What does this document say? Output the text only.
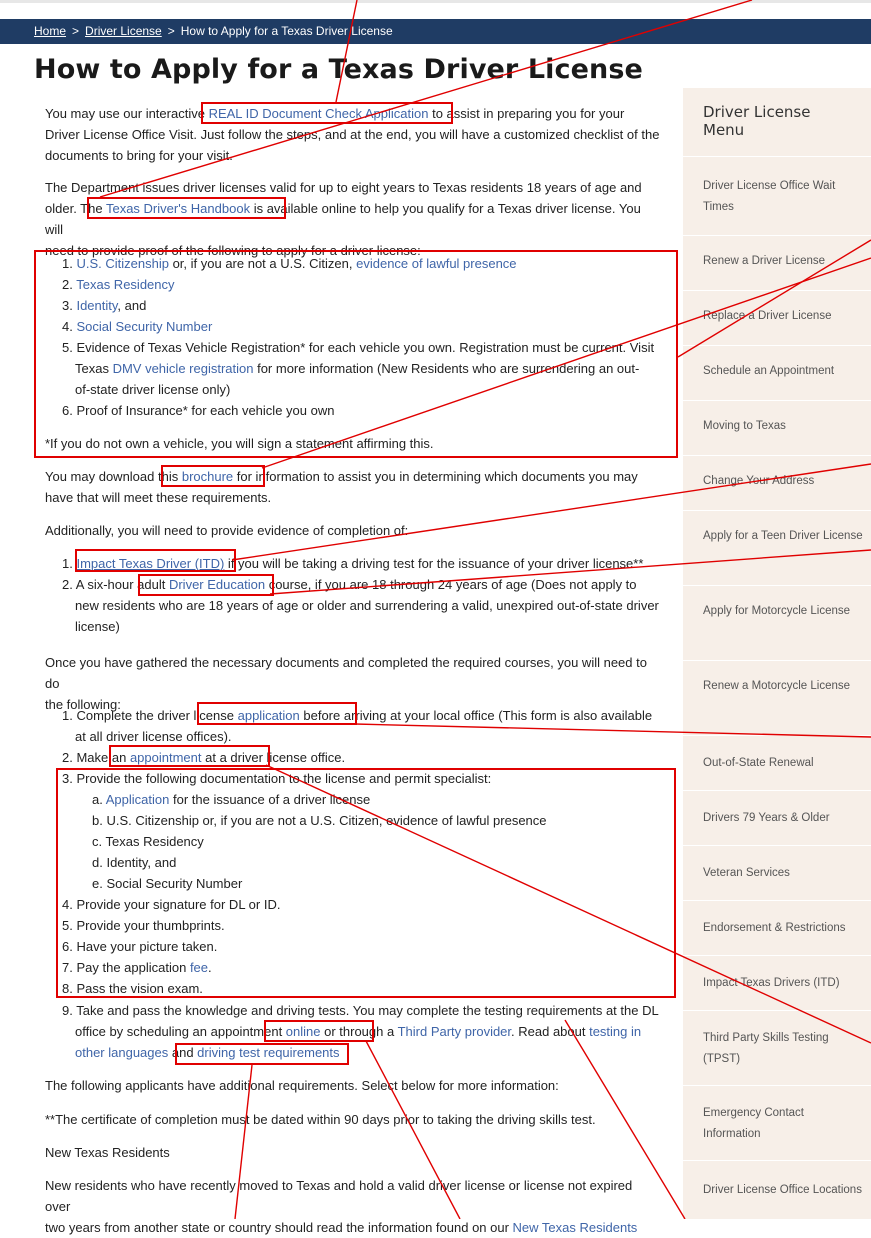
Home > Driver License > How to Apply for a Texas Driver License
How to Apply for a Texas Driver License
You may use our interactive REAL ID Document Check Application to assist in preparing you for your
Driver License Office Visit. Just follow the steps, and at the end, you will have a customized checklist of the
documents to bring for your visit.
The Department issues driver licenses valid for up to eight years to Texas residents 18 years of age and
older. The Texas Driver's Handbook is available online to help you qualify for a Texas driver license. You will
need to provide proof of the following to apply for a driver license:
1. U.S. Citizenship or, if you are not a U.S. Citizen, evidence of lawful presence
2. Texas Residency
3. Identity, and
4. Social Security Number
5. Evidence of Texas Vehicle Registration* for each vehicle you own. Registration must be current. Visit
Texas DMV vehicle registration for more information (New Residents who are surrendering an out-
of-state driver license only)
6. Proof of Insurance* for each vehicle you own
*If you do not own a vehicle, you will sign a statement affirming this.
You may download this brochure for information to assist you in determining which documents you may
have that will meet these requirements.
Additionally, you will need to provide evidence of completion of:
1. Impact Texas Driver (ITD) if you will be taking a driving test for the issuance of your driver license**
2. A six-hour adult Driver Education course, if you are 18 through 24 years of age (Does not apply to
new residents who are 18 years of age or older and surrendering a valid, unexpired out-of-state driver
license)
Once you have gathered the necessary documents and completed the required courses, you will need to do
the following:
1. Complete the driver license application before arriving at your local office (This form is also available
at all driver license offices).
2. Make an appointment at a driver license office.
3. Provide the following documentation to the license and permit specialist:
a. Application for the issuance of a driver license
b. U.S. Citizenship or, if you are not a U.S. Citizen, evidence of lawful presence
c. Texas Residency
d. Identity, and
e. Social Security Number
4. Provide your signature for DL or ID.
5. Provide your thumbprints.
6. Have your picture taken.
7. Pay the application fee.
8. Pass the vision exam.
9. Take and pass the knowledge and driving tests. You may complete the testing requirements at the DL
office by scheduling an appointment online or through a Third Party provider. Read about testing in
other languages and driving test requirements
The following applicants have additional requirements. Select below for more information:
**The certificate of completion must be dated within 90 days prior to taking the driving skills test.
New Texas Residents
New residents who have recently moved to Texas and hold a valid driver license or license not expired over
two years from another state or country should read the information found on our New Texas Residents
Driver License Menu
Driver License Office Wait Times
Renew a Driver License
Replace a Driver License
Schedule an Appointment
Moving to Texas
Change Your Address
Apply for a Teen Driver License
Apply for Motorcycle License
Renew a Motorcycle License
Out-of-State Renewal
Drivers 79 Years & Older
Veteran Services
Endorsement & Restrictions
Impact Texas Drivers (ITD)
Third Party Skills Testing (TPST)
Emergency Contact Information
Driver License Office Locations
